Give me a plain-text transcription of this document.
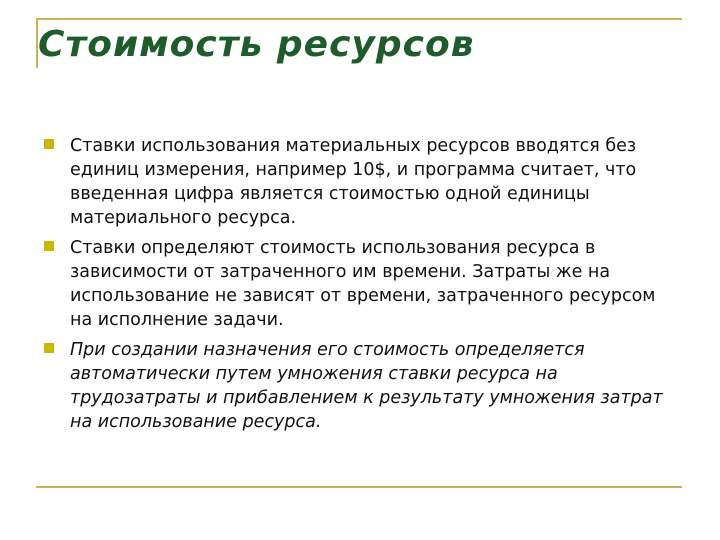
Стоимость ресурсов
Ставки использования материальных ресурсов вводятся без единиц измерения, например 10$, и программа считает, что введенная цифра является стоимостью одной единицы материального ресурса.
Ставки определяют стоимость использования ресурса в зависимости от затраченного им времени. Затраты же на использование не зависят от времени, затраченного ресурсом на исполнение задачи.
При создании назначения его стоимость определяется автоматически путем умножения ставки ресурса на трудозатраты и прибавлением к результату умножения затрат на использование ресурса.
